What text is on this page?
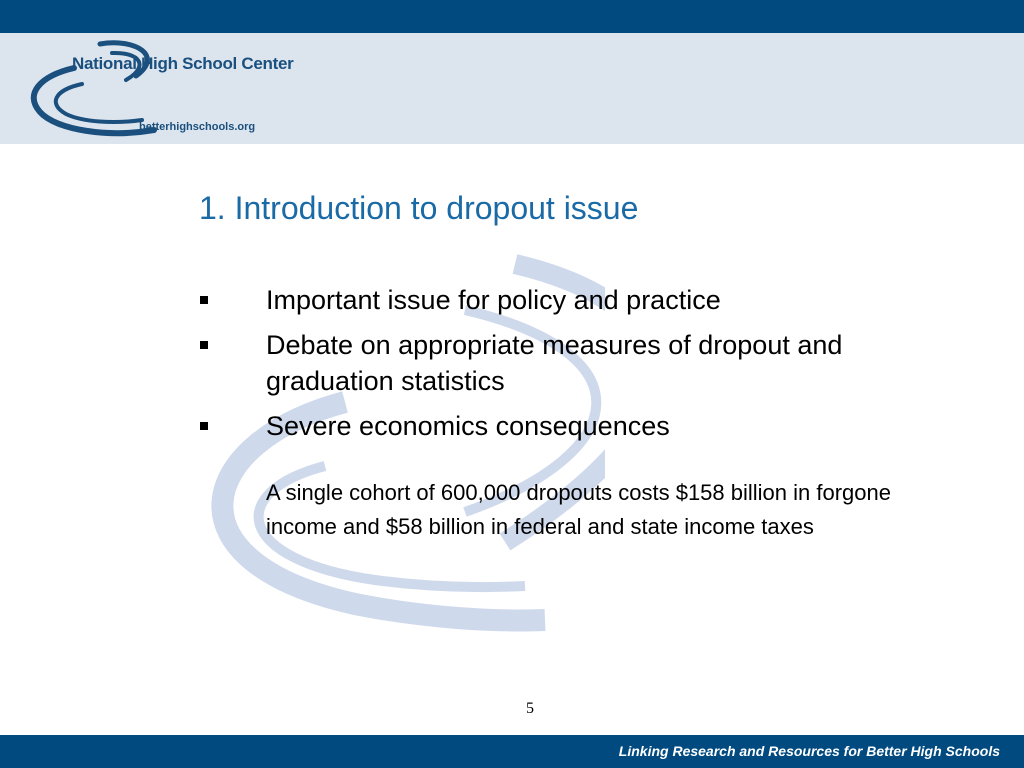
National High School Center
betterhighschools.org
1. Introduction to dropout issue
Important issue for policy and practice
Debate on appropriate measures of dropout and graduation statistics
Severe economics consequences

A single cohort of 600,000 dropouts costs $158 billion in forgone income and $58 billion in federal and state income taxes

5
Linking Research and Resources for Better High Schools
